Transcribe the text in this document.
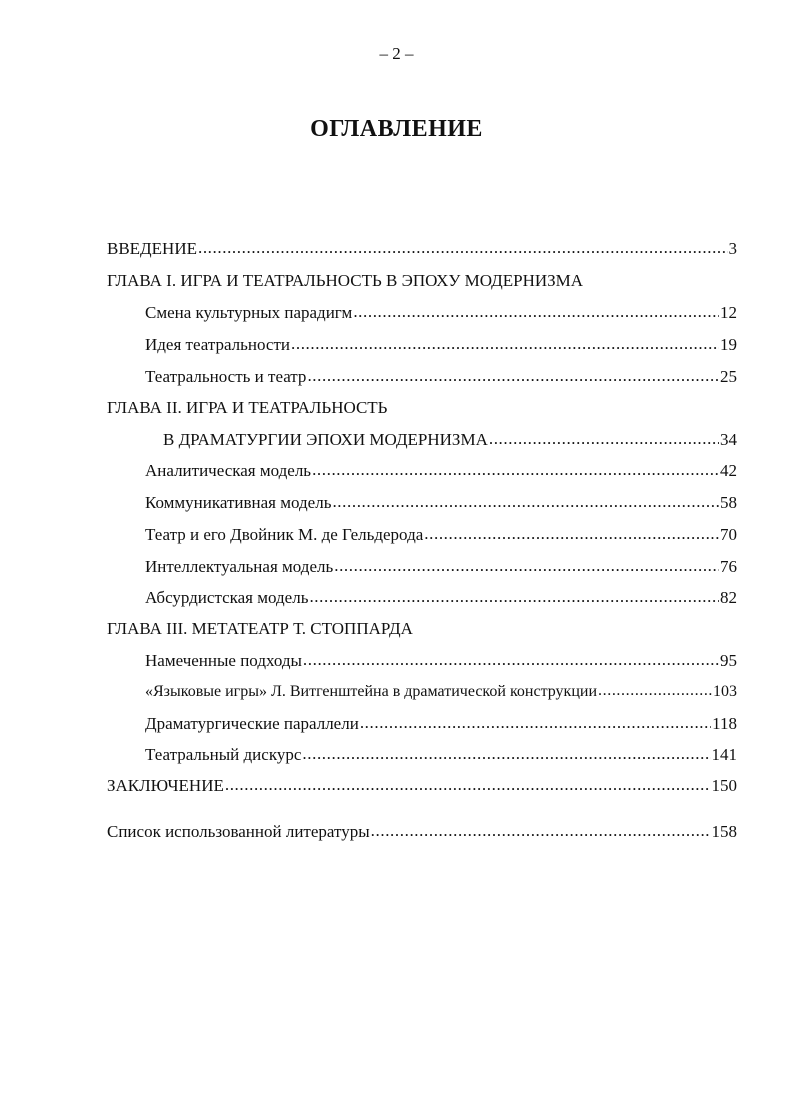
– 2 –
ОГЛАВЛЕНИЕ
ВВЕДЕНИЕ .....	3
ГЛАВА I. ИГРА И ТЕАТРАЛЬНОСТЬ В ЭПОХУ МОДЕРНИЗМА
Смена культурных парадигм .....	12
Идея театральности .....	19
Театральность и театр .....	25
ГЛАВА II. ИГРА И ТЕАТРАЛЬНОСТЬ
В ДРАМАТУРГИИ ЭПОХИ МОДЕРНИЗМА .....	34
Аналитическая модель .....	42
Коммуникативная модель .....	58
Театр и его Двойник М. де Гельдерода .....	70
Интеллектуальная модель .....	76
Абсурдистская модель .....	82
ГЛАВА III. МЕТАТЕАТР Т. СТОППАРДА
Намеченные подходы .....	95
«Языковые игры» Л. Витгенштейна в драматической конструкции .....	103
Драматургические параллели .....	118
Театральный дискурс .....	141
ЗАКЛЮЧЕНИЕ .....	150
Список использованной литературы .....	158
